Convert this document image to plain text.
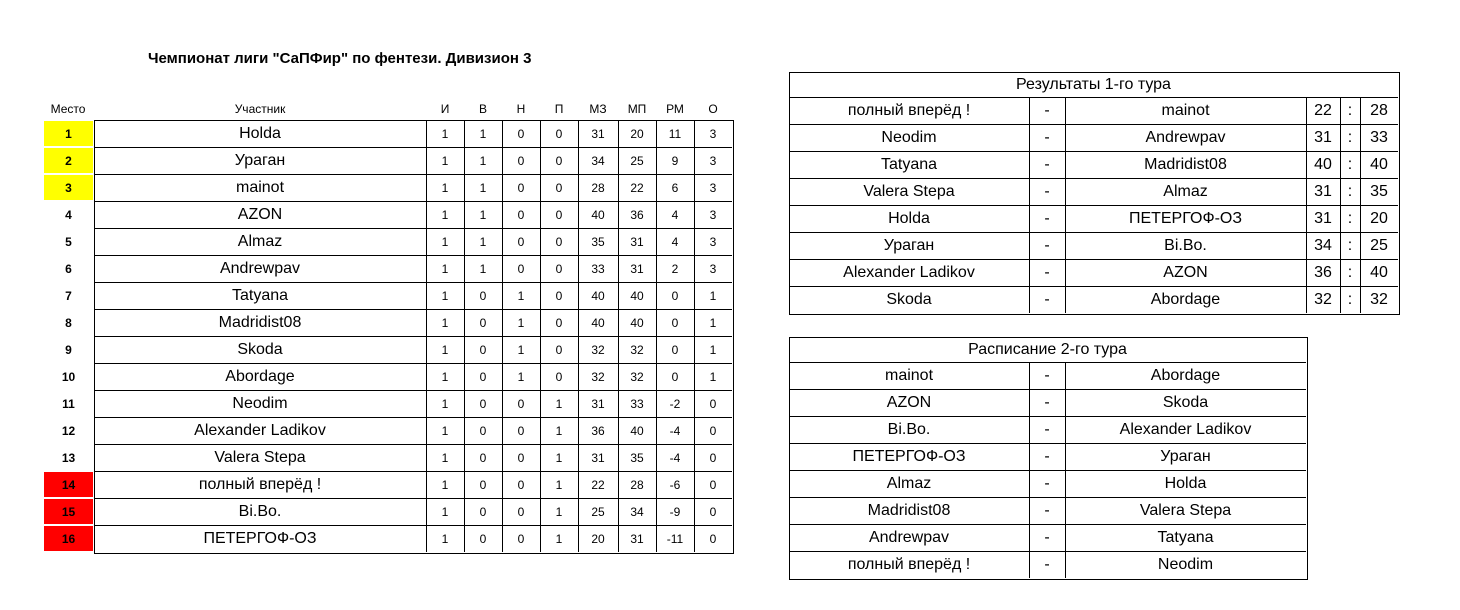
Чемпионат лиги "СаПФир" по фентези. Дивизион 3
Место	Участник	И	В	Н	П	МЗ	МП	РМ	О
1	Holda	1	1	0	0	31	20	11	3
2	Ураган	1	1	0	0	34	25	9	3
3	mainot	1	1	0	0	28	22	6	3
4	AZON	1	1	0	0	40	36	4	3
5	Almaz	1	1	0	0	35	31	4	3
6	Andrewpav	1	1	0	0	33	31	2	3
7	Tatyana	1	0	1	0	40	40	0	1
8	Madridist08	1	0	1	0	40	40	0	1
9	Skoda	1	0	1	0	32	32	0	1
10	Abordage	1	0	1	0	32	32	0	1
11	Neodim	1	0	0	1	31	33	-2	0
12	Alexander Ladikov	1	0	0	1	36	40	-4	0
13	Valera Stepa	1	0	0	1	31	35	-4	0
14	полный вперёд !	1	0	0	1	22	28	-6	0
15	Bi.Bo.	1	0	0	1	25	34	-9	0
16	ПЕТЕРГОФ-ОЗ	1	0	0	1	20	31	-11	0
Результаты 1-го тура
полный вперёд !	-	mainot	22 :	28
Neodim	-	Andrewpav	31 :	33
Tatyana	-	Madridist08	40 :	40
Valera Stepa	-	Almaz	31 :	35
Holda	-	ПЕТЕРГОФ-ОЗ	31 :	20
Ураган	-	Bi.Bo.	34 :	25
Alexander Ladikov	-	AZON	36 :	40
Skoda	-	Abordage	32 :	32
Расписание 2-го тура
mainot	-	Abordage
AZON	-	Skoda
Bi.Bo.	-	Alexander Ladikov
ПЕТЕРГОФ-ОЗ	-	Ураган
Almaz	-	Holda
Madridist08	-	Valera Stepa
Andrewpav	-	Tatyana
полный вперёд !	-	Neodim
